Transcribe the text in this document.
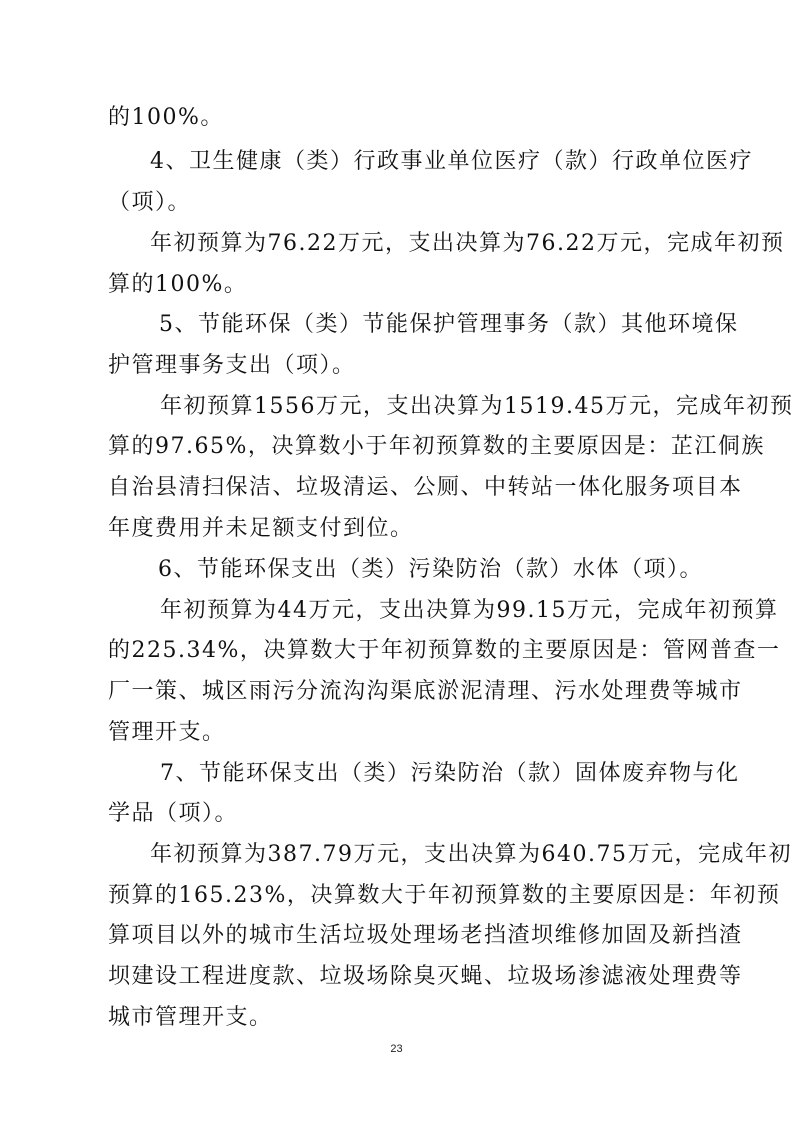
的100%。
4、卫生健康（类）行政事业单位医疗（款）行政单位医疗
（项）。
年初预算为76.22万元，支出决算为76.22万元，完成年初预
算的100%。
5、节能环保（类）节能保护管理事务（款）其他环境保
护管理事务支出（项）。
年初预算1556万元，支出决算为1519.45万元，完成年初预
算的97.65%，决算数小于年初预算数的主要原因是：芷江侗族
自治县清扫保洁、垃圾清运、公厕、中转站一体化服务项目本
年度费用并未足额支付到位。
6、节能环保支出（类）污染防治（款）水体（项）。
年初预算为44万元，支出决算为99.15万元，完成年初预算
的225.34%，决算数大于年初预算数的主要原因是：管网普查一
厂一策、城区雨污分流沟沟渠底淤泥清理、污水处理费等城市
管理开支。
7、节能环保支出（类）污染防治（款）固体废弃物与化
学品（项）。
年初预算为387.79万元，支出决算为640.75万元，完成年初
预算的165.23%，决算数大于年初预算数的主要原因是：年初预
算项目以外的城市生活垃圾处理场老挡渣坝维修加固及新挡渣
坝建设工程进度款、垃圾场除臭灭蝇、垃圾场渗滤液处理费等
城市管理开支。
23
